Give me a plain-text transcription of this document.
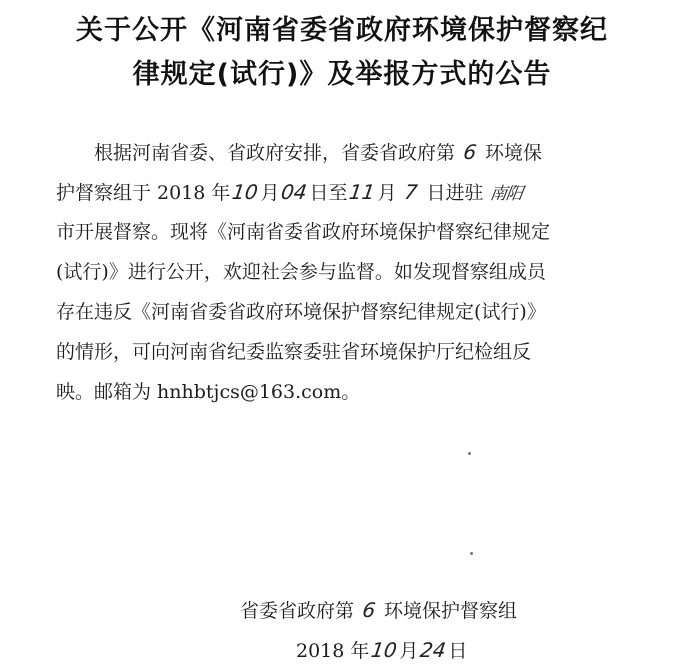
关于公开《河南省委省政府环境保护督察纪
律规定(试行)》及举报方式的公告
根据河南省委、省政府安排，省委省政府第 6 环境保
护督察组于 2018 年10月04日至11月 7 日进驻 南阳
市开展督察。现将《河南省委省政府环境保护督察纪律规定
(试行)》进行公开，欢迎社会参与监督。如发现督察组成员
存在违反《河南省委省政府环境保护督察纪律规定(试行)》
的情形，可向河南省纪委监察委驻省环境保护厅纪检组反
映。邮箱为 hnhbtjcs@163.com。
省委省政府第 6 环境保护督察组
2018 年10月24日
